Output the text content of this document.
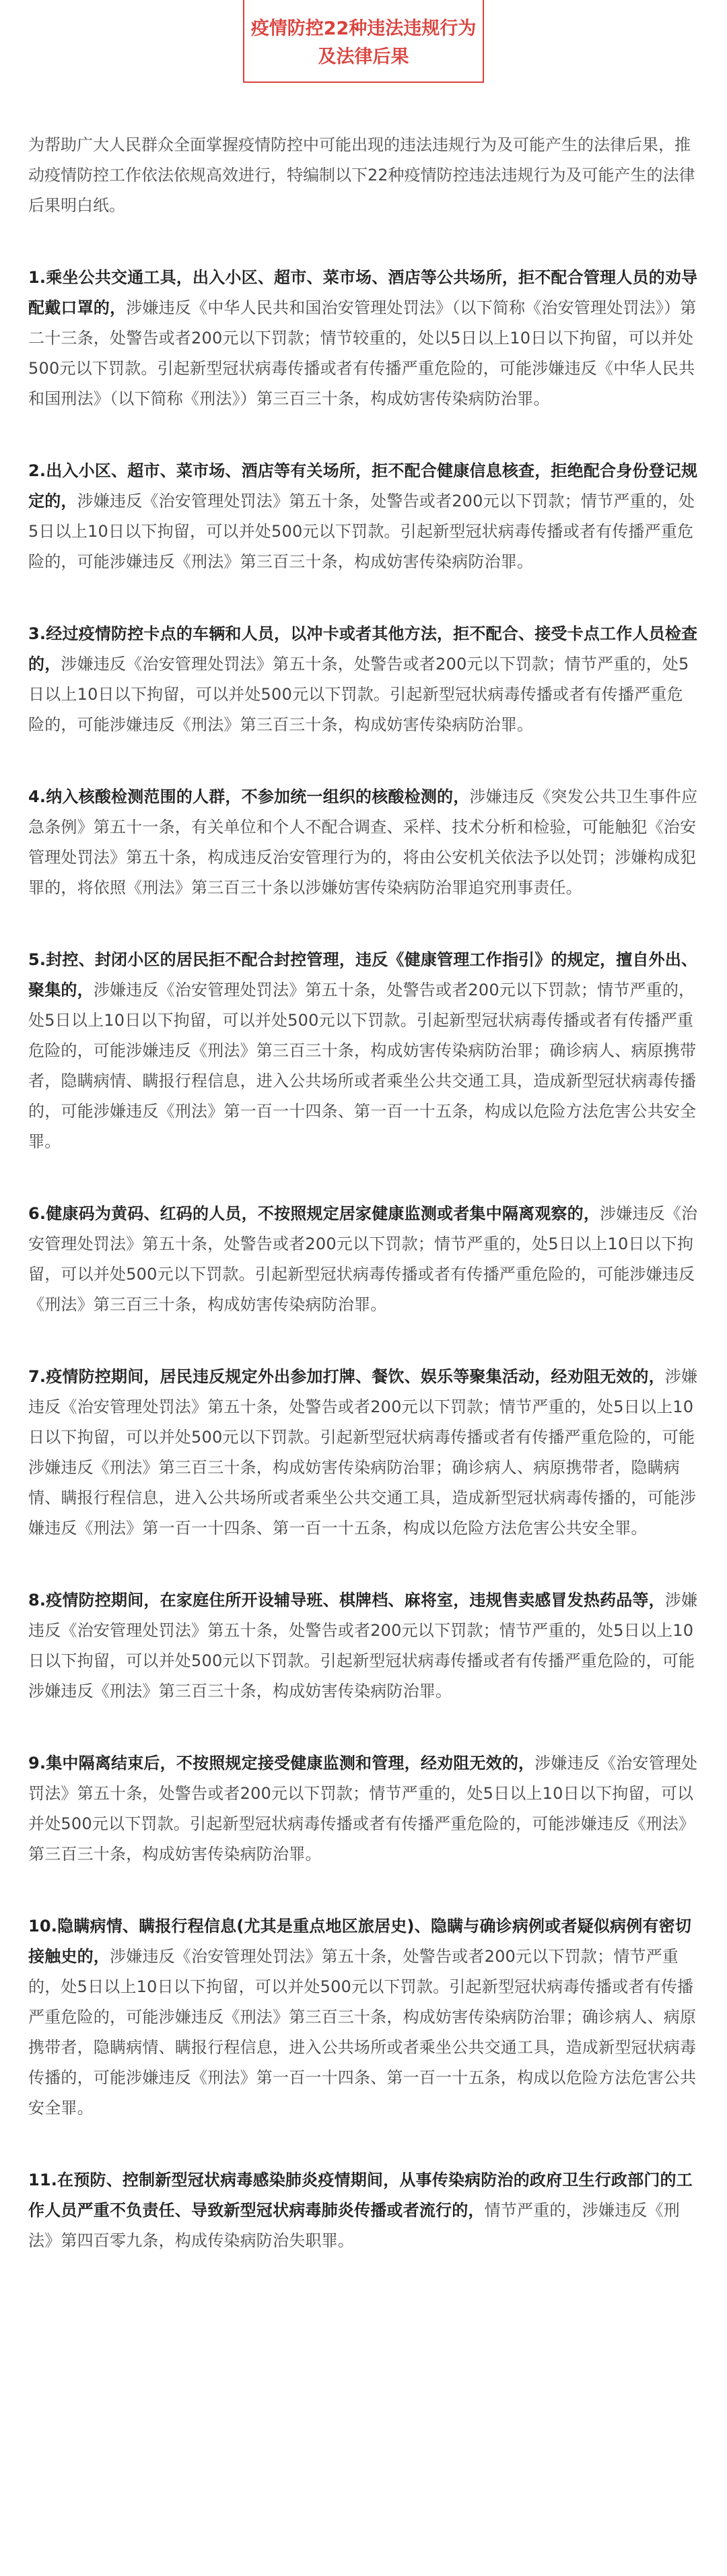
疫情防控22种违法违规行为
及法律后果

为帮助广大人民群众全面掌握疫情防控中可能出现的违法违规行为及可能产生的法律后果，推动疫情防控工作依法依规高效进行，特编制以下22种疫情防控违法违规行为及可能产生的法律后果明白纸。

1.乘坐公共交通工具，出入小区、超市、菜市场、酒店等公共场所，拒不配合管理人员的劝导配戴口罩的，涉嫌违反《中华人民共和国治安管理处罚法》（以下简称《治安管理处罚法》）第二十三条，处警告或者200元以下罚款；情节较重的，处以5日以上10日以下拘留，可以并处500元以下罚款。引起新型冠状病毒传播或者有传播严重危险的，可能涉嫌违反《中华人民共和国刑法》（以下简称《刑法》）第三百三十条，构成妨害传染病防治罪。
2.出入小区、超市、菜市场、酒店等有关场所，拒不配合健康信息核查，拒绝配合身份登记规定的，涉嫌违反《治安管理处罚法》第五十条，处警告或者200元以下罚款；情节严重的，处5日以上10日以下拘留，可以并处500元以下罚款。引起新型冠状病毒传播或者有传播严重危险的，可能涉嫌违反《刑法》第三百三十条，构成妨害传染病防治罪。
3.经过疫情防控卡点的车辆和人员，以冲卡或者其他方法，拒不配合、接受卡点工作人员检查的，涉嫌违反《治安管理处罚法》第五十条，处警告或者200元以下罚款；情节严重的，处5日以上10日以下拘留，可以并处500元以下罚款。引起新型冠状病毒传播或者有传播严重危险的，可能涉嫌违反《刑法》第三百三十条，构成妨害传染病防治罪。
4.纳入核酸检测范围的人群，不参加统一组织的核酸检测的，涉嫌违反《突发公共卫生事件应急条例》第五十一条，有关单位和个人不配合调查、采样、技术分析和检验，可能触犯《治安管理处罚法》第五十条，构成违反治安管理行为的，将由公安机关依法予以处罚；涉嫌构成犯罪的，将依照《刑法》第三百三十条以涉嫌妨害传染病防治罪追究刑事责任。
5.封控、封闭小区的居民拒不配合封控管理，违反《健康管理工作指引》的规定，擅自外出、聚集的，涉嫌违反《治安管理处罚法》第五十条，处警告或者200元以下罚款；情节严重的，处5日以上10日以下拘留，可以并处500元以下罚款。引起新型冠状病毒传播或者有传播严重危险的，可能涉嫌违反《刑法》第三百三十条，构成妨害传染病防治罪；确诊病人、病原携带者，隐瞒病情、瞒报行程信息，进入公共场所或者乘坐公共交通工具，造成新型冠状病毒传播的，可能涉嫌违反《刑法》第一百一十四条、第一百一十五条，构成以危险方法危害公共安全罪。
6.健康码为黄码、红码的人员，不按照规定居家健康监测或者集中隔离观察的，涉嫌违反《治安管理处罚法》第五十条，处警告或者200元以下罚款；情节严重的，处5日以上10日以下拘留，可以并处500元以下罚款。引起新型冠状病毒传播或者有传播严重危险的，可能涉嫌违反《刑法》第三百三十条，构成妨害传染病防治罪。
7.疫情防控期间，居民违反规定外出参加打牌、餐饮、娱乐等聚集活动，经劝阻无效的，涉嫌违反《治安管理处罚法》第五十条，处警告或者200元以下罚款；情节严重的，处5日以上10日以下拘留，可以并处500元以下罚款。引起新型冠状病毒传播或者有传播严重危险的，可能涉嫌违反《刑法》第三百三十条，构成妨害传染病防治罪；确诊病人、病原携带者，隐瞒病情、瞒报行程信息，进入公共场所或者乘坐公共交通工具，造成新型冠状病毒传播的，可能涉嫌违反《刑法》第一百一十四条、第一百一十五条，构成以危险方法危害公共安全罪。
8.疫情防控期间，在家庭住所开设辅导班、棋牌档、麻将室，违规售卖感冒发热药品等，涉嫌违反《治安管理处罚法》第五十条，处警告或者200元以下罚款；情节严重的，处5日以上10日以下拘留，可以并处500元以下罚款。引起新型冠状病毒传播或者有传播严重危险的，可能涉嫌违反《刑法》第三百三十条，构成妨害传染病防治罪。
9.集中隔离结束后，不按照规定接受健康监测和管理，经劝阻无效的，涉嫌违反《治安管理处罚法》第五十条，处警告或者200元以下罚款；情节严重的，处5日以上10日以下拘留，可以并处500元以下罚款。引起新型冠状病毒传播或者有传播严重危险的，可能涉嫌违反《刑法》第三百三十条，构成妨害传染病防治罪。
10.隐瞒病情、瞒报行程信息(尤其是重点地区旅居史)、隐瞒与确诊病例或者疑似病例有密切接触史的，涉嫌违反《治安管理处罚法》第五十条，处警告或者200元以下罚款；情节严重的，处5日以上10日以下拘留，可以并处500元以下罚款。引起新型冠状病毒传播或者有传播严重危险的，可能涉嫌违反《刑法》第三百三十条，构成妨害传染病防治罪；确诊病人、病原携带者，隐瞒病情、瞒报行程信息，进入公共场所或者乘坐公共交通工具，造成新型冠状病毒传播的，可能涉嫌违反《刑法》第一百一十四条、第一百一十五条，构成以危险方法危害公共安全罪。
11.在预防、控制新型冠状病毒感染肺炎疫情期间，从事传染病防治的政府卫生行政部门的工作人员严重不负责任、导致新型冠状病毒肺炎传播或者流行的，情节严重的，涉嫌违反《刑法》第四百零九条，构成传染病防治失职罪。
